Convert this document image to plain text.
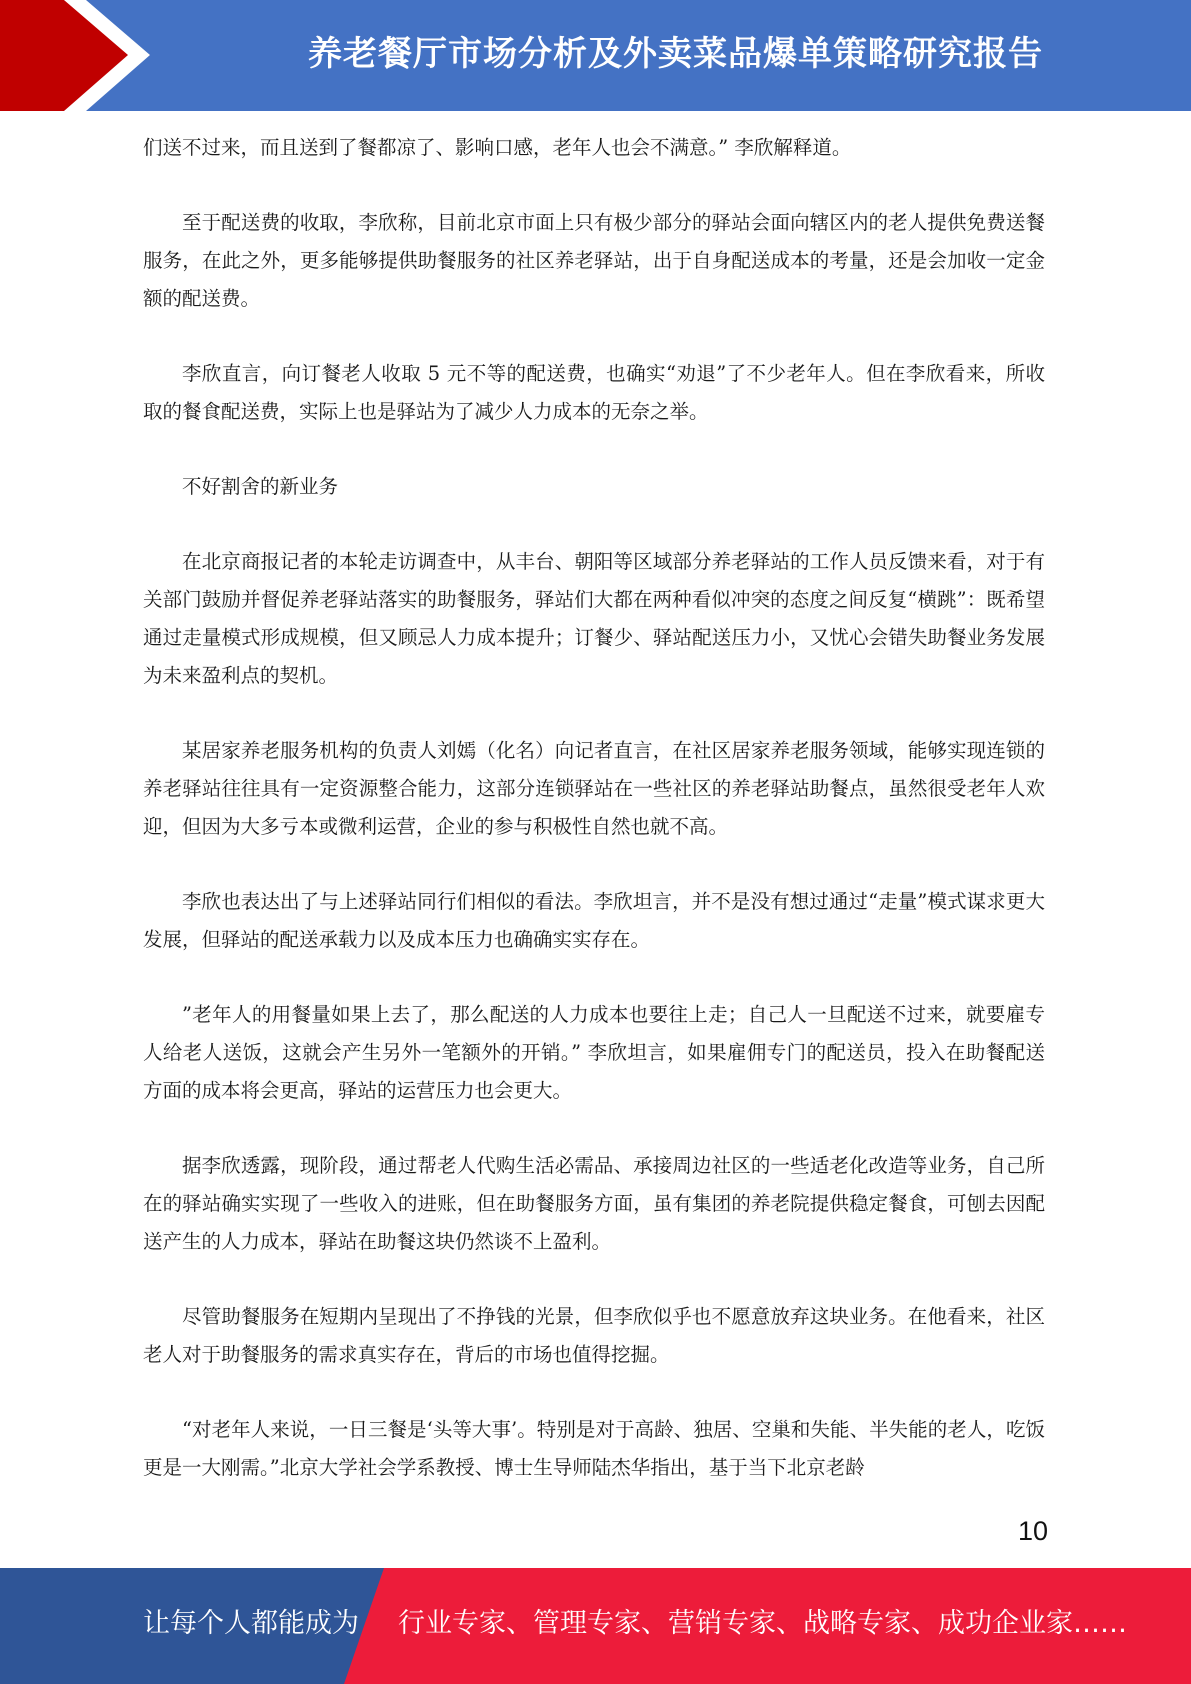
养老餐厅市场分析及外卖菜品爆单策略研究报告

们送不过来，而且送到了餐都凉了、影响口感，老年人也会不满意。” 李欣解释道。

至于配送费的收取，李欣称，目前北京市面上只有极少部分的驿站会面向辖区内的老人提供免费送餐服务，在此之外，更多能够提供助餐服务的社区养老驿站，出于自身配送成本的考量，还是会加收一定金额的配送费。

李欣直言，向订餐老人收取 5 元不等的配送费，也确实“劝退”了不少老年人。但在李欣看来，所收取的餐食配送费，实际上也是驿站为了减少人力成本的无奈之举。

不好割舍的新业务

在北京商报记者的本轮走访调查中，从丰台、朝阳等区域部分养老驿站的工作人员反馈来看，对于有关部门鼓励并督促养老驿站落实的助餐服务，驿站们大都在两种看似冲突的态度之间反复“横跳”：既希望通过走量模式形成规模，但又顾忌人力成本提升；订餐少、驿站配送压力小，又忧心会错失助餐业务发展为未来盈利点的契机。

某居家养老服务机构的负责人刘嫣（化名）向记者直言，在社区居家养老服务领域，能够实现连锁的养老驿站往往具有一定资源整合能力，这部分连锁驿站在一些社区的养老驿站助餐点，虽然很受老年人欢迎，但因为大多亏本或微利运营，企业的参与积极性自然也就不高。

李欣也表达出了与上述驿站同行们相似的看法。李欣坦言，并不是没有想过通过“走量”模式谋求更大发展，但驿站的配送承载力以及成本压力也确确实实存在。

”老年人的用餐量如果上去了，那么配送的人力成本也要往上走；自己人一旦配送不过来，就要雇专人给老人送饭，这就会产生另外一笔额外的开销。” 李欣坦言，如果雇佣专门的配送员，投入在助餐配送方面的成本将会更高，驿站的运营压力也会更大。

据李欣透露，现阶段，通过帮老人代购生活必需品、承接周边社区的一些适老化改造等业务，自己所在的驿站确实实现了一些收入的进账，但在助餐服务方面，虽有集团的养老院提供稳定餐食，可刨去因配送产生的人力成本，驿站在助餐这块仍然谈不上盈利。

尽管助餐服务在短期内呈现出了不挣钱的光景，但李欣似乎也不愿意放弃这块业务。在他看来，社区老人对于助餐服务的需求真实存在，背后的市场也值得挖掘。

“对老年人来说，一日三餐是‘头等大事’。特别是对于高龄、独居、空巢和失能、半失能的老人，吃饭更是一大刚需。”北京大学社会学系教授、博士生导师陆杰华指出，基于当下北京老龄

10
让每个人都能成为 行业专家、管理专家、营销专家、战略专家、成功企业家……
